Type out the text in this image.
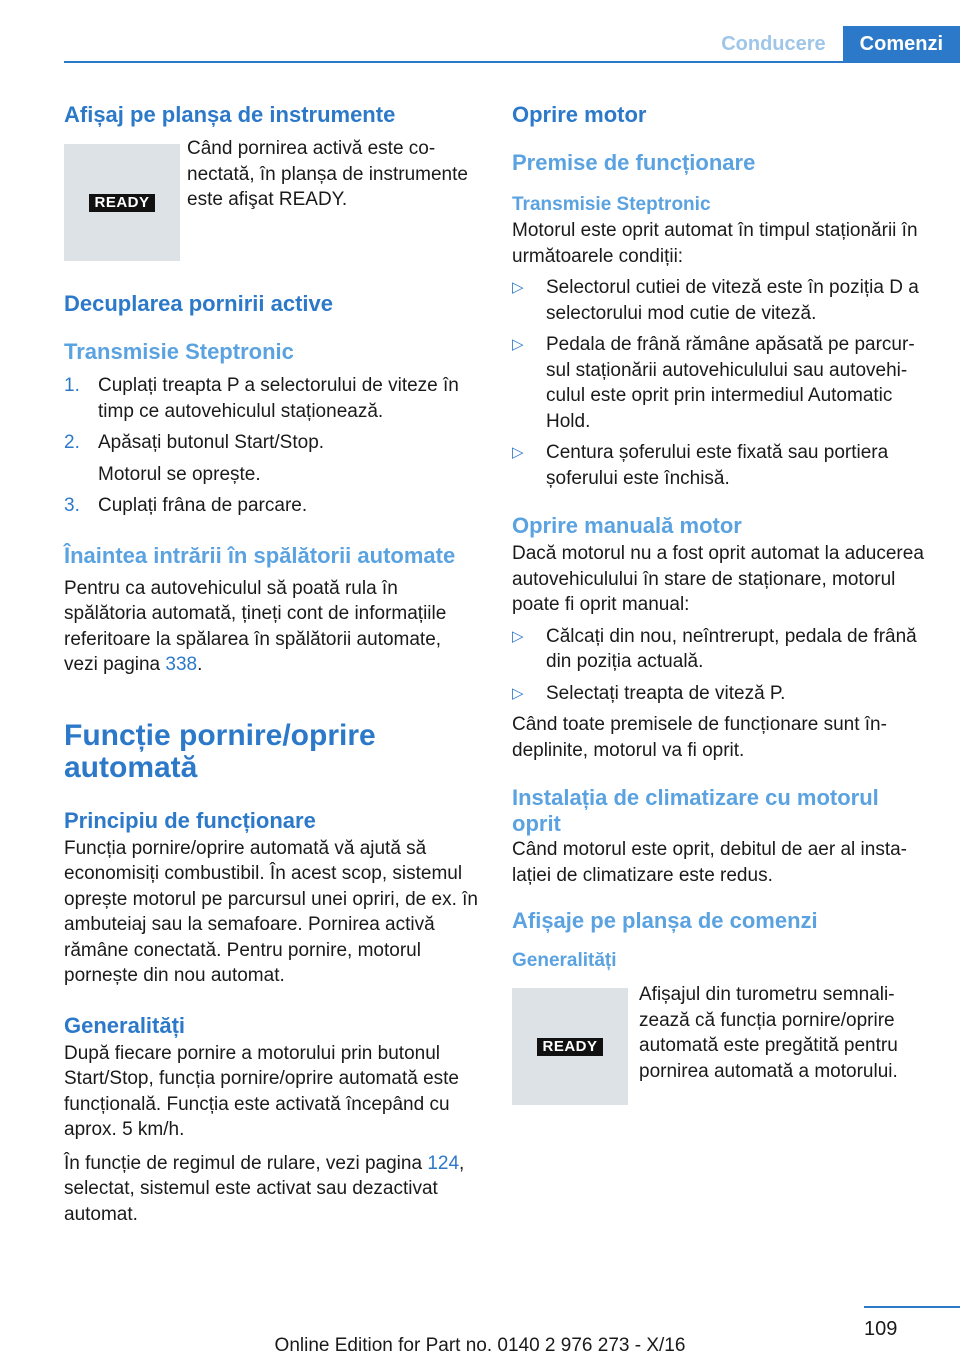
Conducere	Comenzi
Afișaj pe planșa de instrumente
READY

Când pornirea activă este conectată, în planșa de instrumente este afişat READY.

Decuplarea pornirii active
Transmisie Steptronic
1. Cuplați treapta P a selectorului de viteze în timp ce autovehiculul staționează.
2. Apăsați butonul Start/Stop.
Motorul se oprește.
3. Cuplați frâna de parcare.
Înaintea intrării în spălătorii automate

Pentru ca autovehiculul să poată rula în spălătoria automată, țineți cont de informațiile referitoare la spălarea în spălătorii automate, vezi pagina 338.

Funcție pornire/oprire automată
Principiu de funcționare

Funcția pornire/oprire automată vă ajută să economisiți combustibil. În acest scop, sistemul oprește motorul pe parcursul unei opriri, de ex. în ambuteiaj sau la semafoare. Pornirea activă rămâne conectată. Pentru pornire, motorul pornește din nou automat.

Generalități

După fiecare pornire a motorului prin butonul Start/Stop, funcția pornire/oprire automată este funcțională. Funcția este activată începând cu aprox. 5 km/h.

În funcție de regimul de rulare, vezi pagina 124, selectat, sistemul este activat sau dezactivat automat.

Oprire motor
Premise de funcționare
Transmisie Steptronic

Motorul este oprit automat în timpul staționării în următoarele condiții:

▷	Selectorul cutiei de viteză este în poziția D a selectorului mod cutie de viteză.
▷	Pedala de frână rămâne apăsată pe parcursul staționării autovehiculului sau autovehiculul este oprit prin intermediul Automatic Hold.
▷	Centura șoferului este fixată sau portiera șoferului este închisă.
Oprire manuală motor

Dacă motorul nu a fost oprit automat la aducerea autovehiculului în stare de staționare, motorul poate fi oprit manual:

▷	Călcați din nou, neîntrerupt, pedala de frână din poziția actuală.
▷	Selectați treapta de viteză P.

Când toate premisele de funcționare sunt îndeplinite, motorul va fi oprit.

Instalația de climatizare cu motorul oprit

Când motorul este oprit, debitul de aer al instalației de climatizare este redus.

Afișaje pe planșa de comenzi
Generalități
READY

Afișajul din turometru semnalizează că funcția pornire/oprire automată este pregătită pentru pornirea automată a motorului.

109
Online Edition for Part no. 0140 2 976 273 - X/16
